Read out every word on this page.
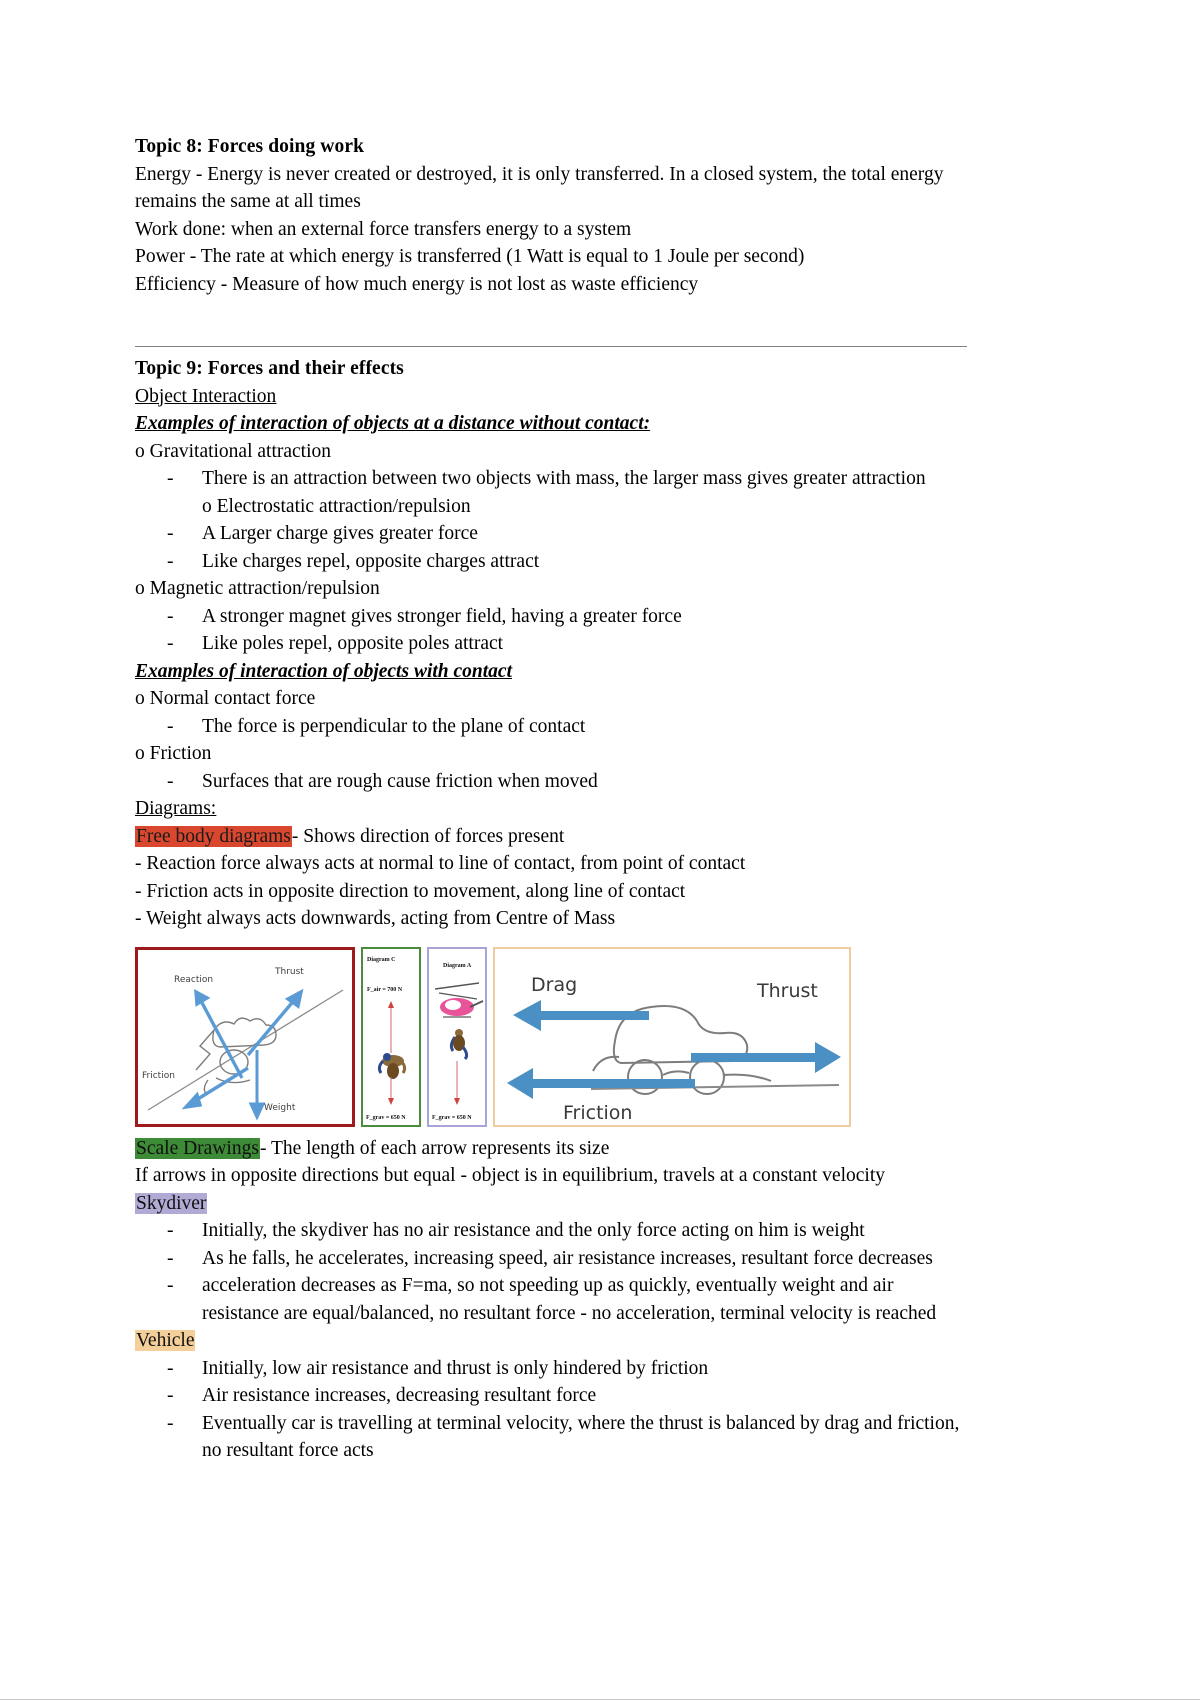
Topic 8: Forces doing work
Energy - Energy is never created or destroyed, it is only transferred. In a closed system, the total energy remains the same at all times
Work done: when an external force transfers energy to a system
Power - The rate at which energy is transferred (1 Watt is equal to 1 Joule per second)
Efficiency - Measure of how much energy is not lost as waste efficiency
Topic 9: Forces and their effects
Object Interaction
Examples of interaction of objects at a distance without contact:
o Gravitational attraction
-	There is an attraction between two objects with mass, the larger mass gives greater attraction
o Electrostatic attraction/repulsion
-	A Larger charge gives greater force
-	Like charges repel, opposite charges attract
o Magnetic attraction/repulsion
-	A stronger magnet gives stronger field, having a greater force
-	Like poles repel, opposite poles attract
Examples of interaction of objects with contact
o Normal contact force
-	The force is perpendicular to the plane of contact
o Friction
-	Surfaces that are rough cause friction when moved
Diagrams:
Free body diagrams- Shows direction of forces present
- Reaction force always acts at normal to line of contact, from point of contact
- Friction acts in opposite direction to movement, along line of contact
- Weight always acts downwards, acting from Centre of Mass
Reaction
Thrust
Friction
Weight
Diagram C
F_air = 700 N
F_grav = 650 N
Diagram A
F_grav = 650 N
Drag	Thrust
Friction
Scale Drawings- The length of each arrow represents its size
If arrows in opposite directions but equal - object is in equilibrium, travels at a constant velocity
Skydiver
-	Initially, the skydiver has no air resistance and the only force acting on him is weight
-	As he falls, he accelerates, increasing speed, air resistance increases, resultant force decreases
-	acceleration decreases as F=ma, so not speeding up as quickly, eventually weight and air resistance are equal/balanced, no resultant force - no acceleration, terminal velocity is reached
Vehicle
-	Initially, low air resistance and thrust is only hindered by friction
-	Air resistance increases, decreasing resultant force
-	Eventually car is travelling at terminal velocity, where the thrust is balanced by drag and friction, no resultant force acts
